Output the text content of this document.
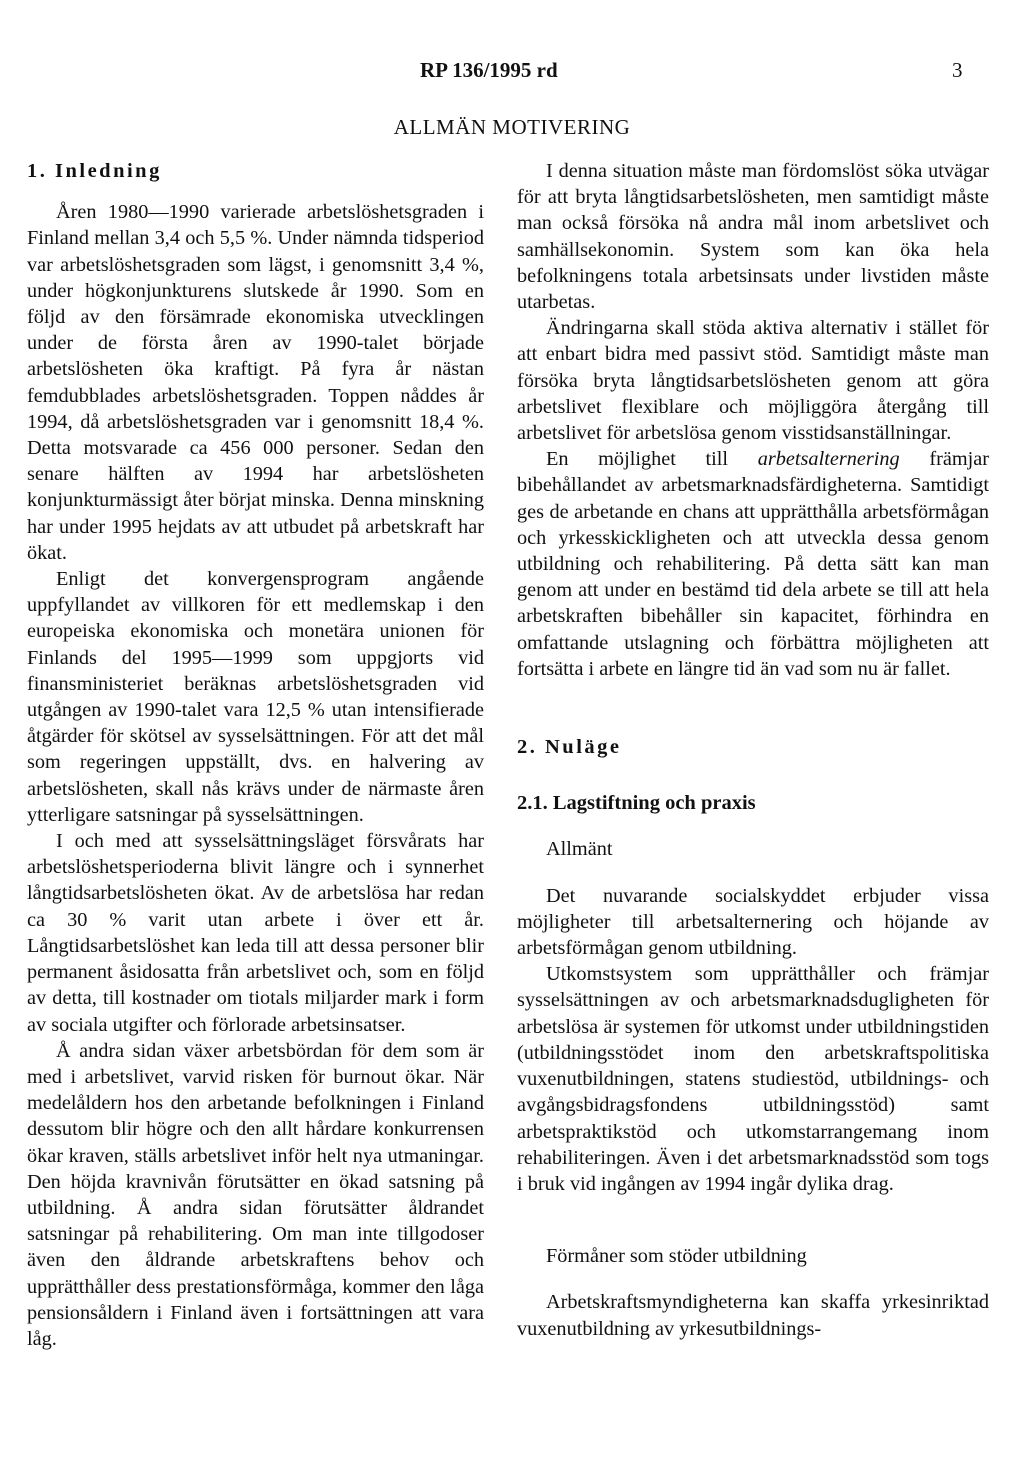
RP 136/1995 rd	3
ALLMÄN MOTIVERING
1. Inledning

Åren 1980—1990 varierade arbetslöshetsgraden i Finland mellan 3,4 och 5,5 %. Under nämnda tidsperiod var arbetslöshetsgraden som lägst, i genomsnitt 3,4 %, under högkonjunkturens slutskede år 1990. Som en följd av den försämrade ekonomiska utvecklingen under de första åren av 1990-talet började arbetslösheten öka kraftigt. På fyra år nästan femdubblades arbetslöshetsgraden. Toppen nåddes år 1994, då arbetslöshetsgraden var i genomsnitt 18,4 %. Detta motsvarade ca 456 000 personer. Sedan den senare hälften av 1994 har arbetslösheten konjunkturmässigt åter börjat minska. Denna minskning har under 1995 hejdats av att utbudet på arbetskraft har ökat.

Enligt det konvergensprogram angående uppfyllandet av villkoren för ett medlemskap i den europeiska ekonomiska och monetära unionen för Finlands del 1995—1999 som uppgjorts vid finansministeriet beräknas arbetslöshetsgraden vid utgången av 1990-talet vara 12,5 % utan intensifierade åtgärder för skötsel av sysselsättningen. För att det mål som regeringen uppställt, dvs. en halvering av arbetslösheten, skall nås krävs under de närmaste åren ytterligare satsningar på sysselsättningen.

I och med att sysselsättningsläget försvårats har arbetslöshetsperioderna blivit längre och i synnerhet långtidsarbetslösheten ökat. Av de arbetslösa har redan ca 30 % varit utan arbete i över ett år. Långtidsarbetslöshet kan leda till att dessa personer blir permanent åsidosatta från arbetslivet och, som en följd av detta, till kostnader om tiotals miljarder mark i form av sociala utgifter och förlorade arbetsinsatser.

Å andra sidan växer arbetsbördan för dem som är med i arbetslivet, varvid risken för burnout ökar. När medelåldern hos den arbetande befolkningen i Finland dessutom blir högre och den allt hårdare konkurrensen ökar kraven, ställs arbetslivet inför helt nya utmaningar. Den höjda kravnivån förutsätter en ökad satsning på utbildning. Å andra sidan förutsätter åldrandet satsningar på rehabilitering. Om man inte tillgodoser även den åldrande arbetskraftens behov och upprätthåller dess prestationsförmåga, kommer den låga pensionsåldern i Finland även i fortsättningen att vara låg.

I denna situation måste man fördomslöst söka utvägar för att bryta långtidsarbetslösheten, men samtidigt måste man också försöka nå andra mål inom arbetslivet och samhällsekonomin. System som kan öka hela befolkningens totala arbetsinsats under livstiden måste utarbetas.

Ändringarna skall stöda aktiva alternativ i stället för att enbart bidra med passivt stöd. Samtidigt måste man försöka bryta långtidsarbetslösheten genom att göra arbetslivet flexiblare och möjliggöra återgång till arbetslivet för arbetslösa genom visstidsanställningar.

En möjlighet till arbetsalternering främjar bibehållandet av arbetsmarknadsfärdigheterna. Samtidigt ges de arbetande en chans att upprätthålla arbetsförmågan och yrkesskickligheten och att utveckla dessa genom utbildning och rehabilitering. På detta sätt kan man genom att under en bestämd tid dela arbete se till att hela arbetskraften bibehåller sin kapacitet, förhindra en omfattande utslagning och förbättra möjligheten att fortsätta i arbete en längre tid än vad som nu är fallet.

2. Nuläge
2.1. Lagstiftning och praxis

Allmänt

Det nuvarande socialskyddet erbjuder vissa möjligheter till arbetsalternering och höjande av arbetsförmågan genom utbildning.

Utkomstsystem som upprätthåller och främjar sysselsättningen av och arbetsmarknadsdugligheten för arbetslösa är systemen för utkomst under utbildningstiden (utbildningsstödet inom den arbetskraftspolitiska vuxenutbildningen, statens studiestöd, utbildnings- och avgångsbidragsfondens utbildningsstöd) samt arbetspraktikstöd och utkomstarrangemang inom rehabiliteringen. Även i det arbetsmarknadsstöd som togs i bruk vid ingången av 1994 ingår dylika drag.

Förmåner som stöder utbildning

Arbetskraftsmyndigheterna kan skaffa yrkesinriktad vuxenutbildning av yrkesutbildnings-
